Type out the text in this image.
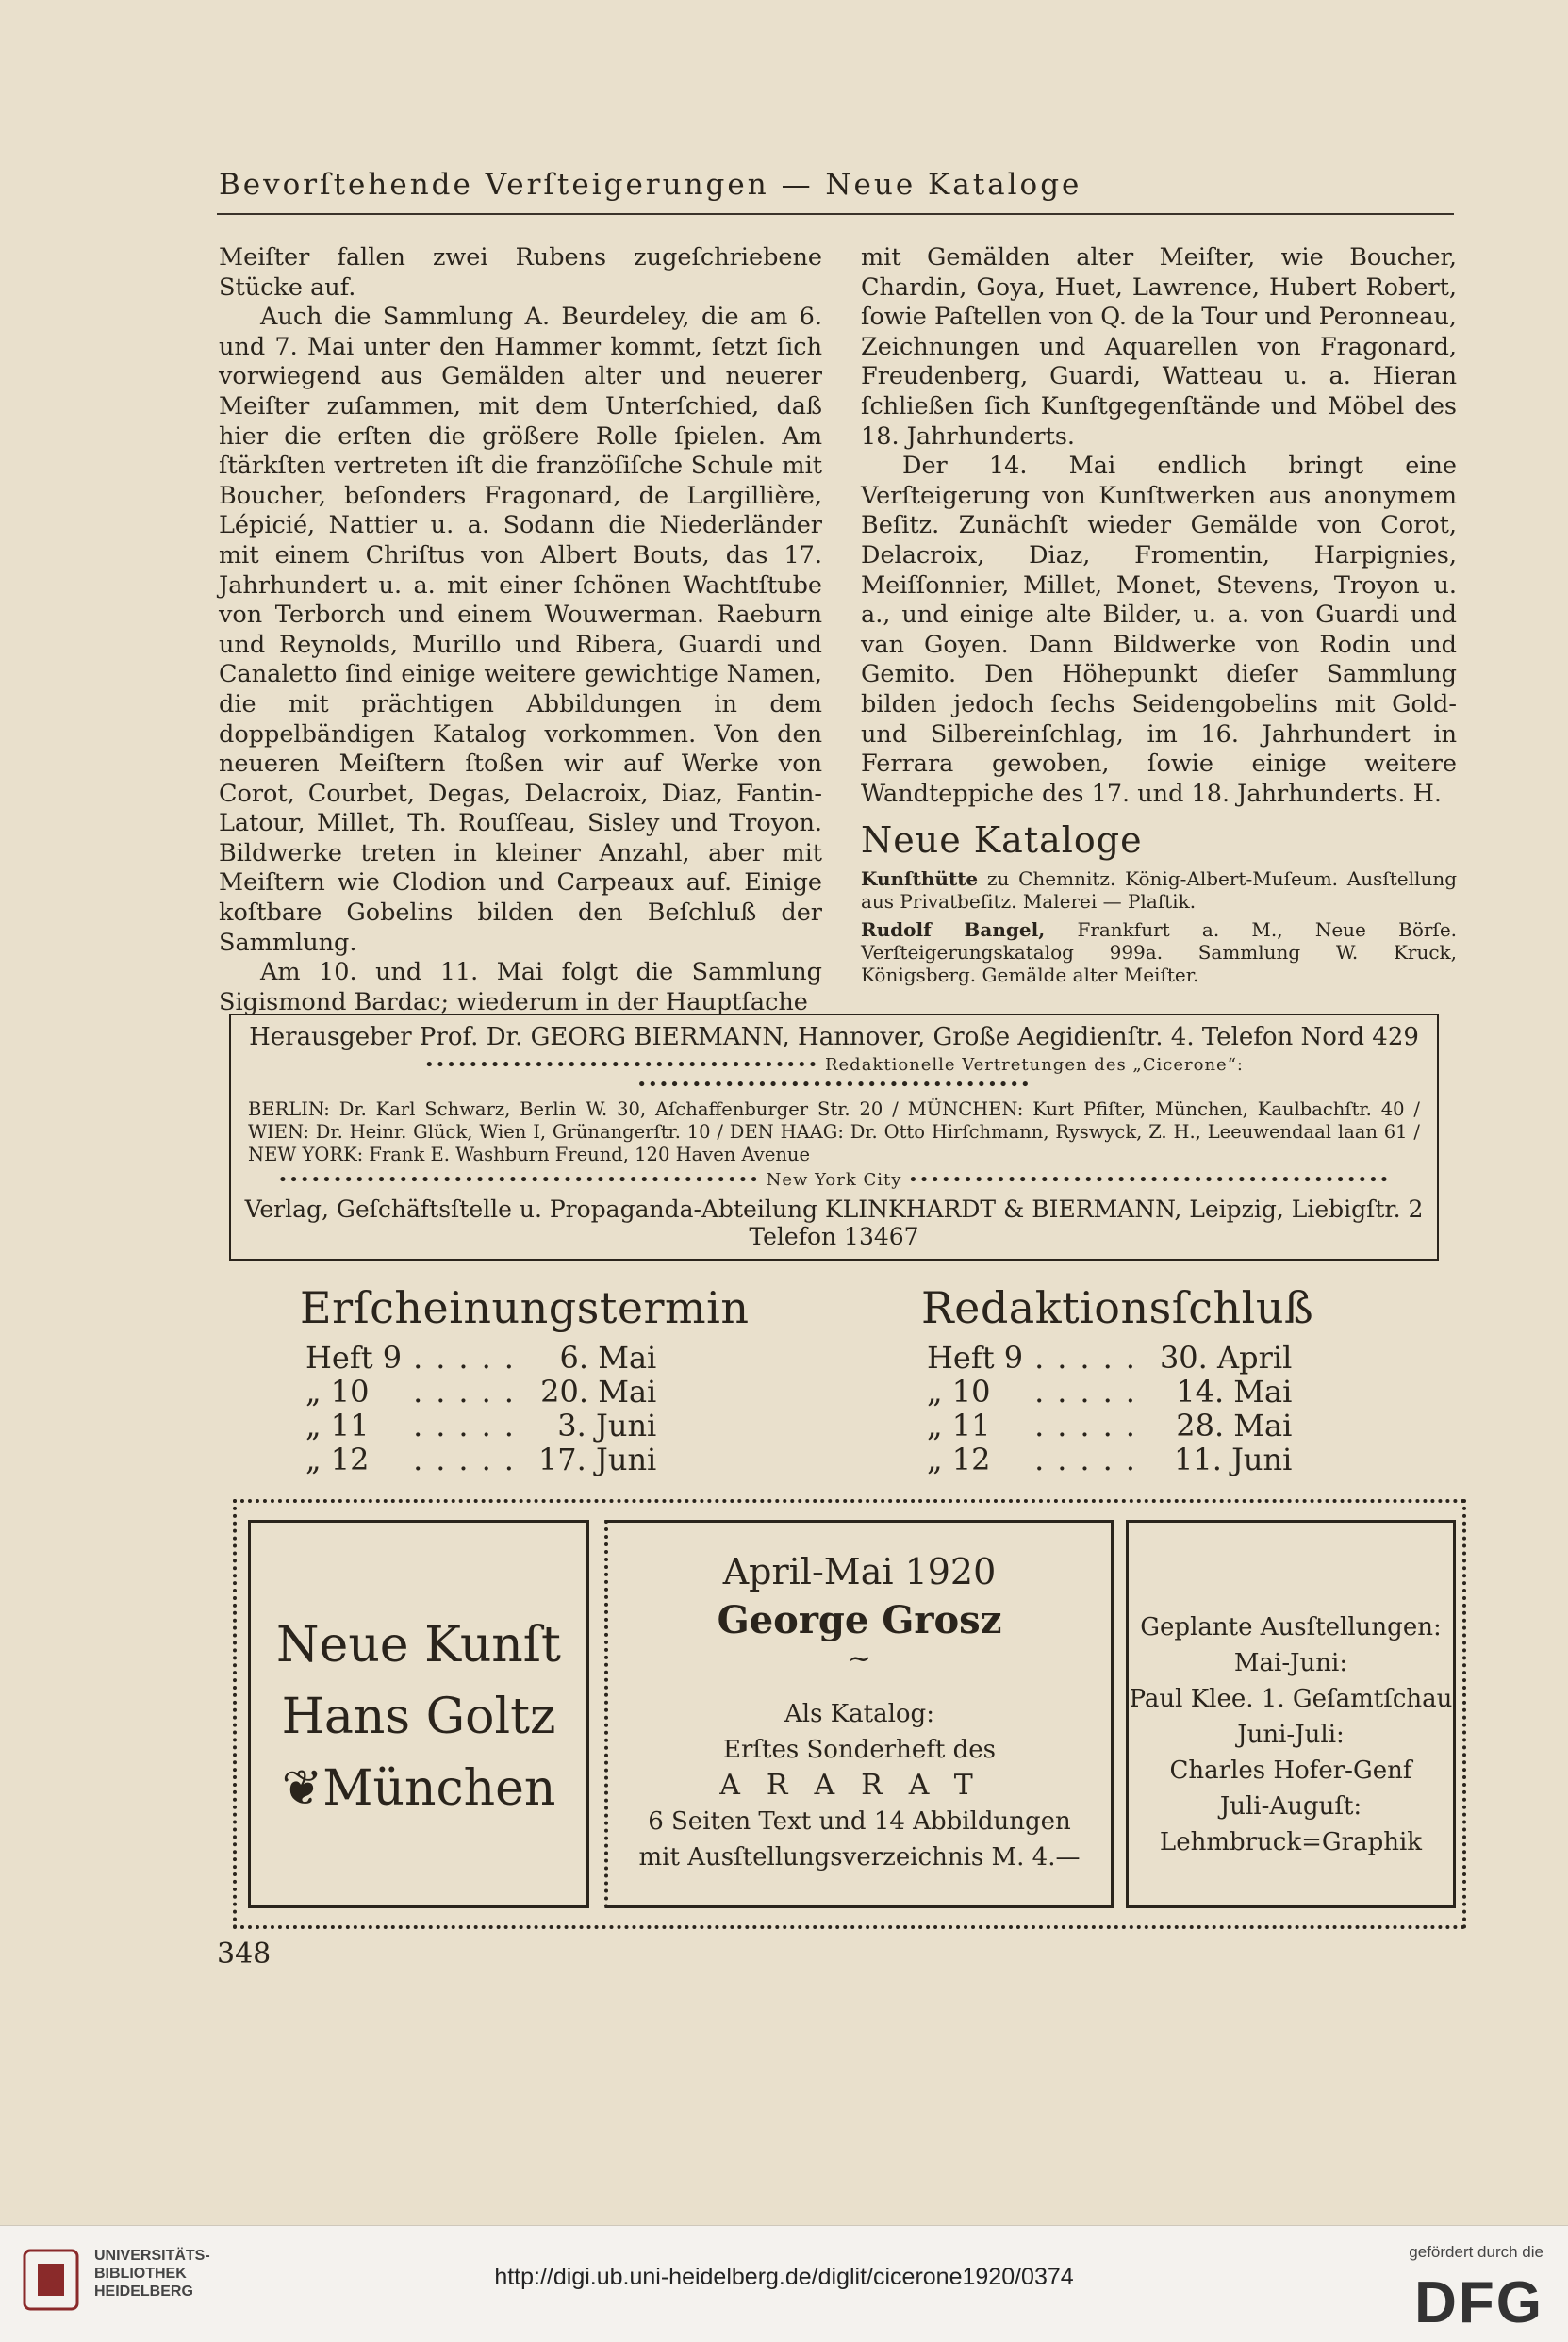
Bevorſtehende Verſteigerungen — Neue Kataloge

Meiſter fallen zwei Rubens zugeſchriebene Stücke auf.

Auch die Sammlung A. Beurdeley, die am 6. und 7. Mai unter den Hammer kommt, ſetzt ſich vorwiegend aus Gemälden alter und neuerer Meiſter zuſammen, mit dem Unterſchied, daß hier die erſten die größere Rolle ſpielen. Am ſtärkſten vertreten iſt die franzöſiſche Schule mit Boucher, beſonders Fragonard, de Largillière, Lépicié, Nattier u. a. Sodann die Niederländer mit einem Chriſtus von Albert Bouts, das 17. Jahrhundert u. a. mit einer ſchönen Wachtſtube von Terborch und einem Wouwerman. Raeburn und Reynolds, Murillo und Ribera, Guardi und Canaletto ſind einige weitere gewichtige Namen, die mit prächtigen Abbildungen in dem doppelbändigen Katalog vorkommen. Von den neueren Meiſtern ſtoßen wir auf Werke von Corot, Courbet, Degas, Delacroix, Diaz, Fantin-Latour, Millet, Th. Rouſſeau, Sisley und Troyon. Bildwerke treten in kleiner Anzahl, aber mit Meiſtern wie Clodion und Carpeaux auf. Einige koſtbare Gobelins bilden den Beſchluß der Sammlung.

Am 10. und 11. Mai folgt die Sammlung Sigismond Bardac; wiederum in der Hauptſache

mit Gemälden alter Meiſter, wie Boucher, Chardin, Goya, Huet, Lawrence, Hubert Robert, ſowie Paſtellen von Q. de la Tour und Peronneau, Zeichnungen und Aquarellen von Fragonard, Freudenberg, Guardi, Watteau u. a. Hieran ſchließen ſich Kunſtgegenſtände und Möbel des 18. Jahrhunderts.

Der 14. Mai endlich bringt eine Verſteigerung von Kunſtwerken aus anonymem Beſitz. Zunächſt wieder Gemälde von Corot, Delacroix, Diaz, Fromentin, Harpignies, Meiſſonnier, Millet, Monet, Stevens, Troyon u. a., und einige alte Bilder, u. a. von Guardi und van Goyen. Dann Bildwerke von Rodin und Gemito. Den Höhepunkt dieſer Sammlung bilden jedoch ſechs Seidengobelins mit Gold- und Silbereinſchlag, im 16. Jahrhundert in Ferrara gewoben, ſowie einige weitere Wandteppiche des 17. und 18. Jahrhunderts. H.

Neue Kataloge

Kunſthütte zu Chemnitz. König-Albert-Muſeum. Ausſtellung aus Privatbeſitz. Malerei — Plaſtik.

Rudolf Bangel, Frankfurt a. M., Neue Börſe. Verſteigerungskatalog 999a. Sammlung W. Kruck, Königsberg. Gemälde alter Meiſter.

Herausgeber Prof. Dr. GEORG BIERMANN, Hannover, Große Aegidienſtr. 4. Telefon Nord 429
•••••••••••••••••••••••••••••••••••• Redaktionelle Vertretungen des „Cicerone“: ••••••••••••••••••••••••••••••••••••
BERLIN: Dr. Karl Schwarz, Berlin W. 30, Aſchaffenburger Str. 20 / MÜNCHEN: Kurt Pfiſter, München, Kaulbachſtr. 40 / WIEN: Dr. Heinr. Glück, Wien I, Grünangerſtr. 10 / DEN HAAG: Dr. Otto Hirſchmann, Ryswyck, Z. H., Leeuwendaal laan 61 / NEW YORK: Frank E. Washburn Freund, 120 Haven Avenue
•••••••••••••••••••••••••••••••••••••••••••• New York City ••••••••••••••••••••••••••••••••••••••••••••
Verlag, Geſchäftsſtelle u. Propaganda-Abteilung KLINKHARDT & BIERMANN, Leipzig, Liebigſtr. 2
Telefon 13467
Erſcheinungstermin
Heft 9	.....	6. Mai
„ 10	.....	20. Mai
„ 11	.....	3. Juni
„ 12	.....	17. Juni
Redaktionsſchluß
Heft 9	.....	30. April
„ 10	.....	14. Mai
„ 11	.....	28. Mai
„ 12	.....	11. Juni
Neue Kunſt
Hans Goltz
❦München
April-Mai 1920
George Grosz
~
Als Katalog:
Erſtes Sonderheft des
ARARAT
6 Seiten Text und 14 Abbildungen
mit Ausſtellungsverzeichnis M. 4.—
Geplante Ausſtellungen:
Mai-Juni:
Paul Klee. 1. Geſamtſchau
Juni-Juli:
Charles Hofer-Genf
Juli-Auguſt:
Lehmbruck=Graphik
348
UNIVERSITÄTS-
BIBLIOTHEK
HEIDELBERG
http://digi.ub.uni-heidelberg.de/diglit/cicerone1920/0374
gefördert durch die
DFG
